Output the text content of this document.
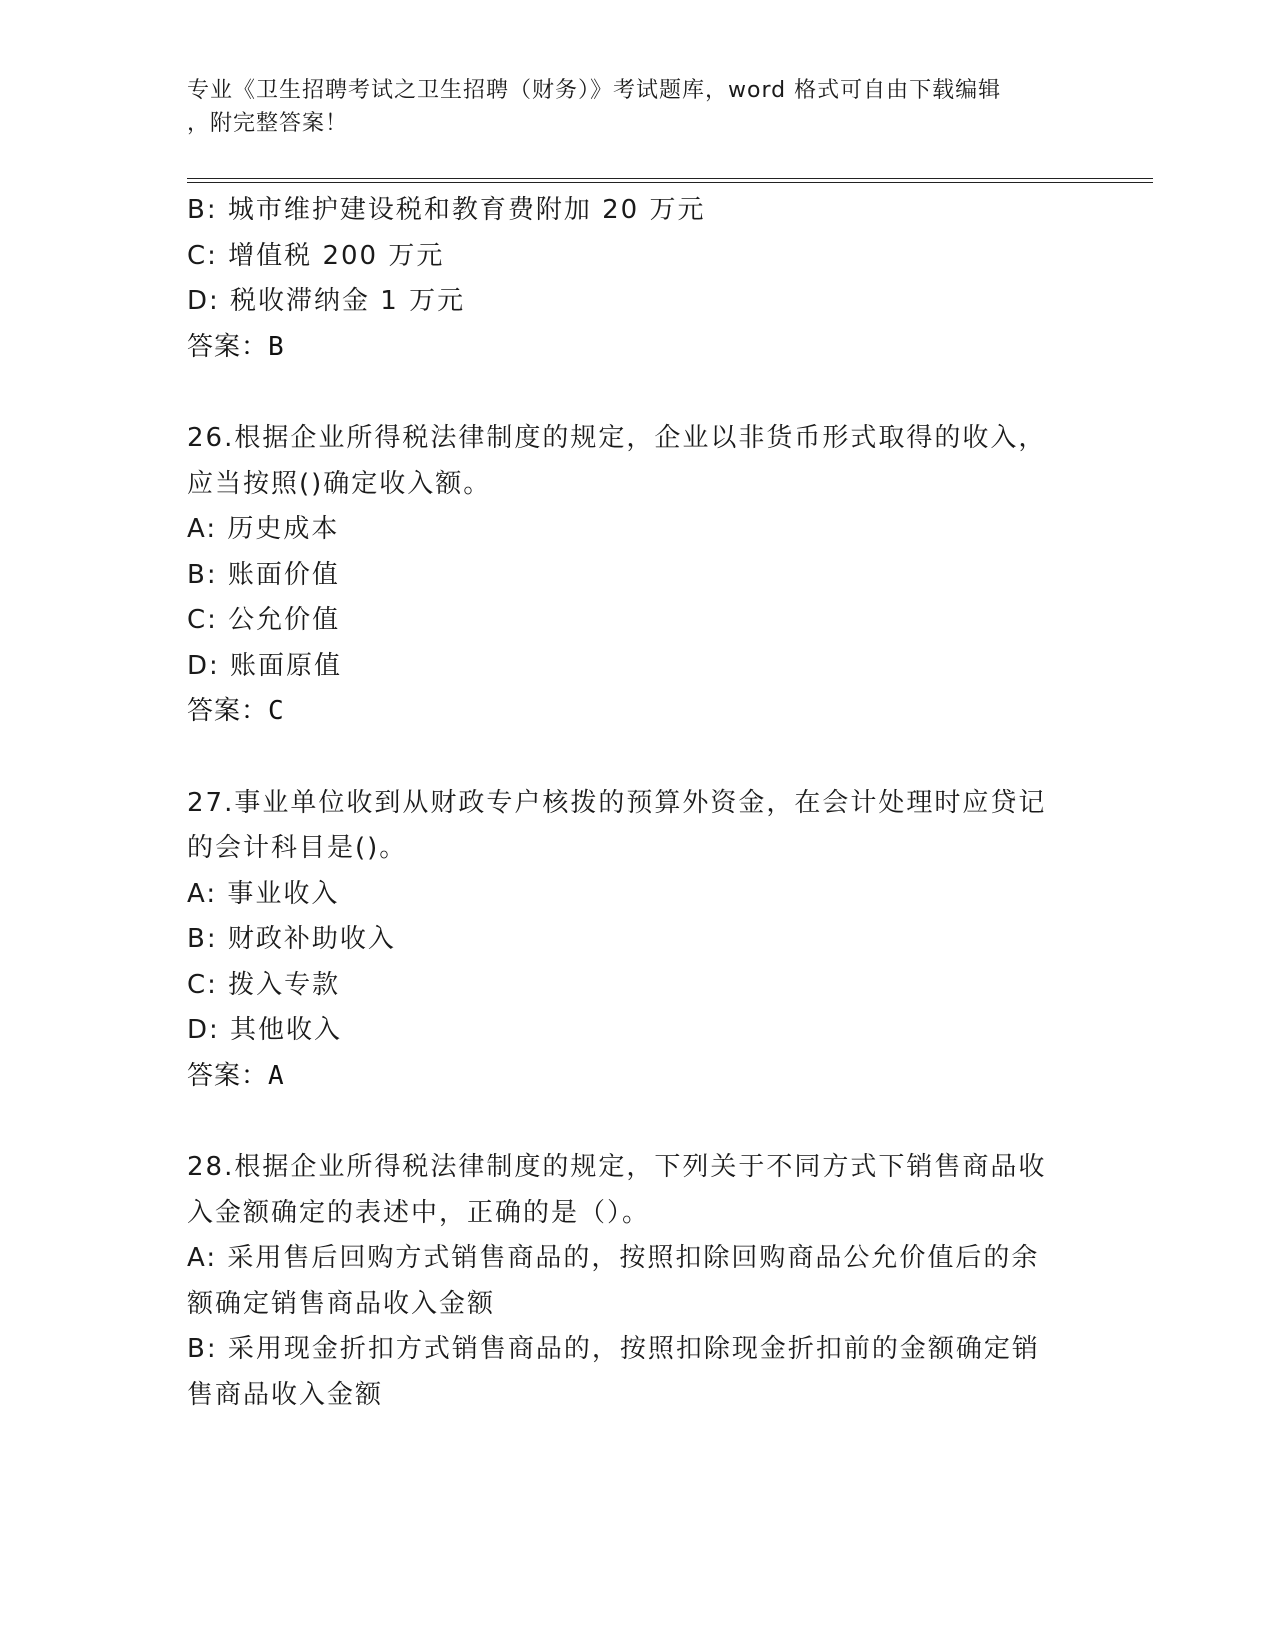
专业《卫生招聘考试之卫生招聘（财务）》考试题库，word 格式可自由下载编辑
，附完整答案！
B: 城市维护建设税和教育费附加 20 万元
C: 增值税 200 万元
D: 税收滞纳金 1 万元
答案：B
26.根据企业所得税法律制度的规定，企业以非货币形式取得的收入，
应当按照()确定收入额。
A: 历史成本
B: 账面价值
C: 公允价值
D: 账面原值
答案：C
27.事业单位收到从财政专户核拨的预算外资金，在会计处理时应贷记
的会计科目是()。
A: 事业收入
B: 财政补助收入
C: 拨入专款
D: 其他收入
答案：A
28.根据企业所得税法律制度的规定，下列关于不同方式下销售商品收
入金额确定的表述中，正确的是（）。
A: 采用售后回购方式销售商品的，按照扣除回购商品公允价值后的余
额确定销售商品收入金额
B: 采用现金折扣方式销售商品的，按照扣除现金折扣前的金额确定销
售商品收入金额
